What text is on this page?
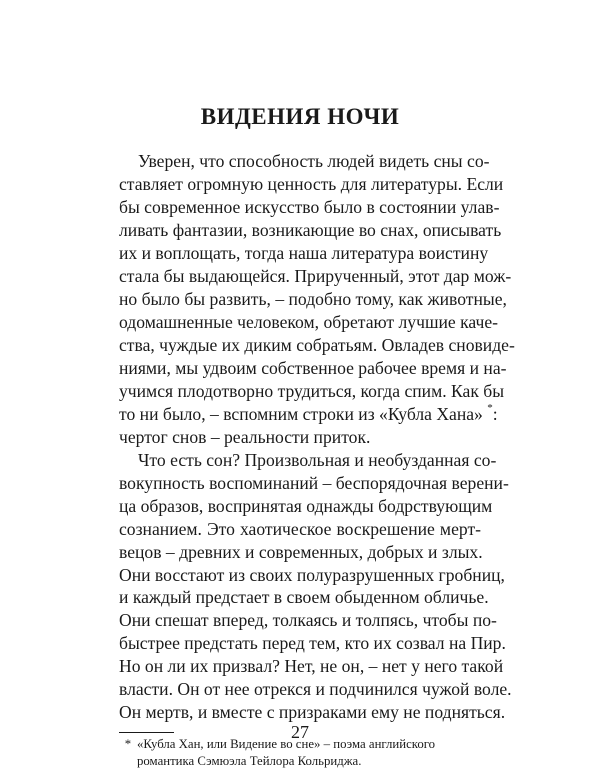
ВИДЕНИЯ НОЧИ
Уверен, что способность людей видеть сны со-
ставляет огромную ценность для литературы. Если
бы современное искусство было в состоянии улав-
ливать фантазии, возникающие во снах, описывать
их и воплощать, тогда наша литература воистину
стала бы выдающейся. Прирученный, этот дар мож-
но было бы развить, – подобно тому, как животные,
одомашненные человеком, обретают лучшие каче-
ства, чуждые их диким собратьям. Овладев сновиде-
ниями, мы удвоим собственное рабочее время и на-
учимся плодотворно трудиться, когда спим. Как бы
то ни было, – вспомним строки из «Кубла Хана» *:
чертог снов – реальности приток.
Что есть сон? Произвольная и необузданная со-
вокупность воспоминаний – беспорядочная верени-
ца образов, воспринятая однажды бодрствующим
сознанием. Это хаотическое воскрешение мерт-
вецов – древних и современных, добрых и злых.
Они восстают из своих полуразрушенных гробниц,
и каждый предстает в своем обыденном обличье.
Они спешат вперед, толкаясь и толпясь, чтобы по-
быстрее предстать перед тем, кто их созвал на Пир.
Но он ли их призвал? Нет, не он, – нет у него такой
власти. Он от нее отрекся и подчинился чужой воле.
Он мертв, и вместе с призраками ему не подняться.
* «Кубла Хан, или Видение во сне» – поэма английского
романтика Сэмюэла Тейлора Кольриджа.
27
